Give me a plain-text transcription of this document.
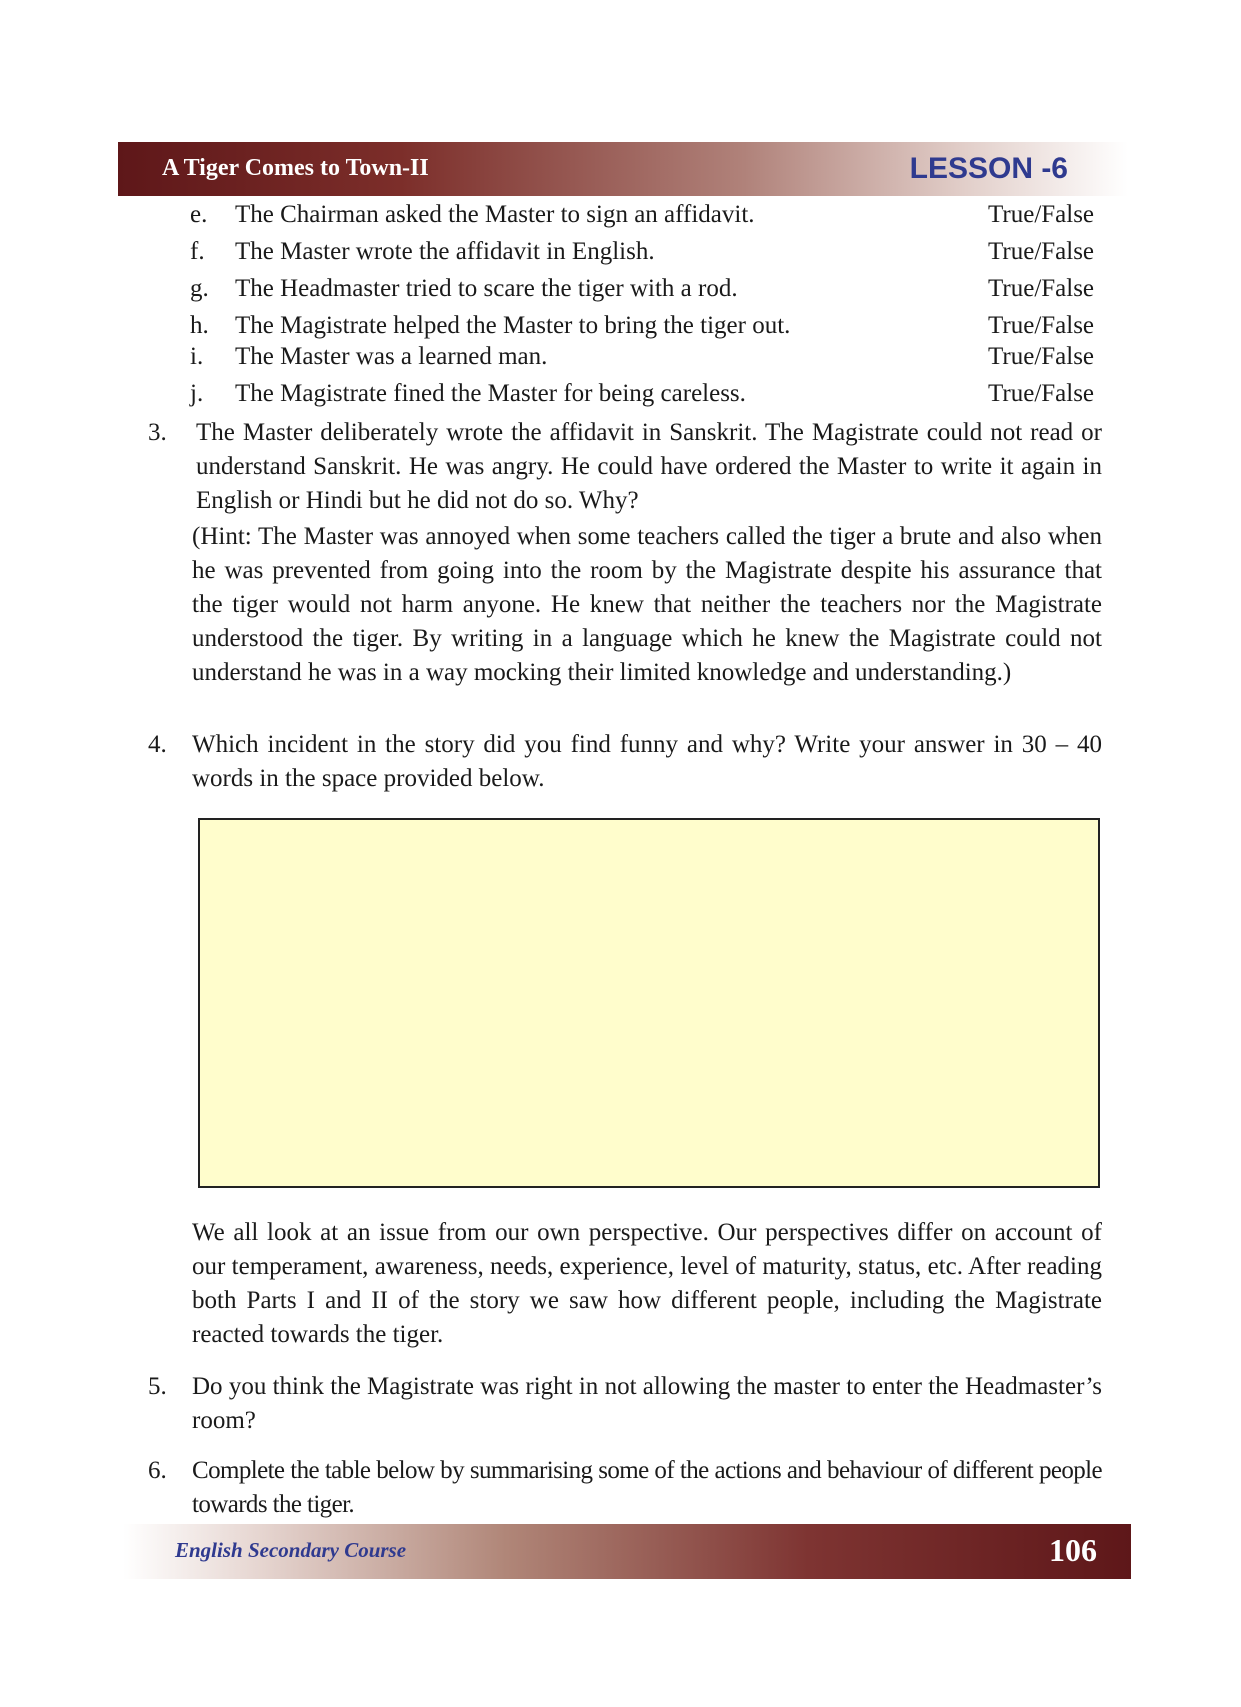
A Tiger Comes to Town-II	LESSON -6
e. The Chairman asked the Master to sign an affidavit.	True/False
f. The Master wrote the affidavit in English.	True/False
g. The Headmaster tried to scare the tiger with a rod.	True/False
h. The Magistrate helped the Master to bring the tiger out.	True/False
i. The Master was a learned man.	True/False
j. The Magistrate fined the Master for being careless.	True/False
3. The Master deliberately wrote the affidavit in Sanskrit. The Magistrate could not read or understand Sanskrit. He was angry. He could have ordered the Master to write it again in English or Hindi but he did not do so. Why?
(Hint: The Master was annoyed when some teachers called the tiger a brute and also when he was prevented from going into the room by the Magistrate despite his assurance that the tiger would not harm anyone. He knew that neither the teachers nor the Magistrate understood the tiger. By writing in a language which he knew the Magistrate could not understand he was in a way mocking their limited knowledge and understanding.)
4. Which incident in the story did you find funny and why? Write your answer in 30 – 40 words in the space provided below.
We all look at an issue from our own perspective. Our perspectives differ on account of our temperament, awareness, needs, experience, level of maturity, status, etc. After reading both Parts I and II of the story we saw how different people, including the Magistrate reacted towards the tiger.
5. Do you think the Magistrate was right in not allowing the master to enter the Headmaster’s room?
6. Complete the table below by summarising some of the actions and behaviour of different people towards the tiger.
English Secondary Course	106
